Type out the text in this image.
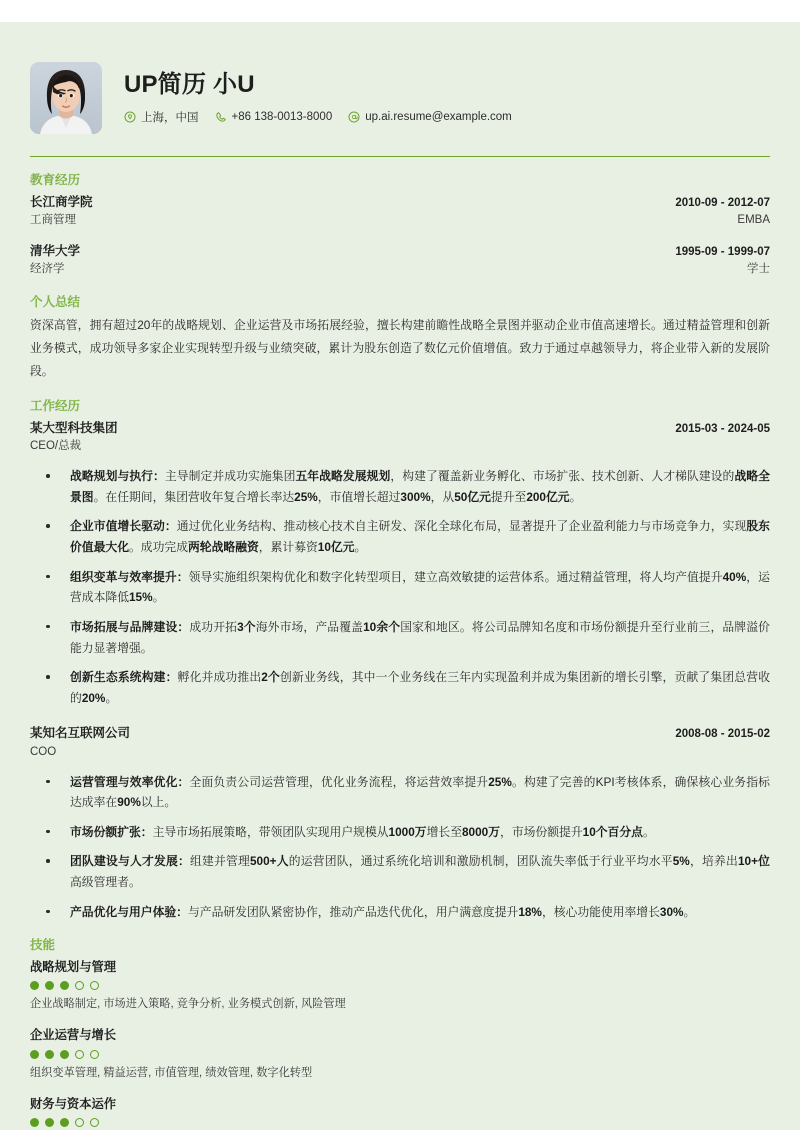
UP简历 小U
上海，中国	+86 138-0013-8000	up.ai.resume@example.com
教育经历
长江商学院	2010-09 - 2012-07
工商管理	EMBA
清华大学	1995-09 - 1999-07
经济学	学士
个人总结
资深高管，拥有超过20年的战略规划、企业运营及市场拓展经验，擅长构建前瞻性战略全景图并驱动企业市值高速增长。通过精益管理和创新业务模式，成功领导多家企业实现转型升级与业绩突破，累计为股东创造了数亿元价值增值。致力于通过卓越领导力，将企业带入新的发展阶段。
工作经历
某大型科技集团	2015-03 - 2024-05
CEO/总裁
战略规划与执行：主导制定并成功实施集团五年战略发展规划，构建了覆盖新业务孵化、市场扩张、技术创新、人才梯队建设的战略全景图。在任期间，集团营收年复合增长率达25%，市值增长超过300%，从50亿元提升至200亿元。
企业市值增长驱动：通过优化业务结构、推动核心技术自主研发、深化全球化布局，显著提升了企业盈利能力与市场竞争力，实现股东价值最大化。成功完成两轮战略融资，累计募资10亿元。
组织变革与效率提升：领导实施组织架构优化和数字化转型项目，建立高效敏捷的运营体系。通过精益管理，将人均产值提升40%，运营成本降低15%。
市场拓展与品牌建设：成功开拓3个海外市场，产品覆盖10余个国家和地区。将公司品牌知名度和市场份额提升至行业前三，品牌溢价能力显著增强。
创新生态系统构建：孵化并成功推出2个创新业务线，其中一个业务线在三年内实现盈利并成为集团新的增长引擎，贡献了集团总营收的20%。
某知名互联网公司	2008-08 - 2015-02
COO
运营管理与效率优化：全面负责公司运营管理，优化业务流程，将运营效率提升25%。构建了完善的KPI考核体系，确保核心业务指标达成率在90%以上。
市场份额扩张：主导市场拓展策略，带领团队实现用户规模从1000万增长至8000万，市场份额提升10个百分点。
团队建设与人才发展：组建并管理500+人的运营团队，通过系统化培训和激励机制，团队流失率低于行业平均水平5%，培养出10+位高级管理者。
产品优化与用户体验：与产品研发团队紧密协作，推动产品迭代优化，用户满意度提升18%，核心功能使用率增长30%。
技能
战略规划与管理
企业战略制定, 市场进入策略, 竞争分析, 业务模式创新, 风险管理
企业运营与增长
组织变革管理, 精益运营, 市值管理, 绩效管理, 数字化转型
财务与资本运作
